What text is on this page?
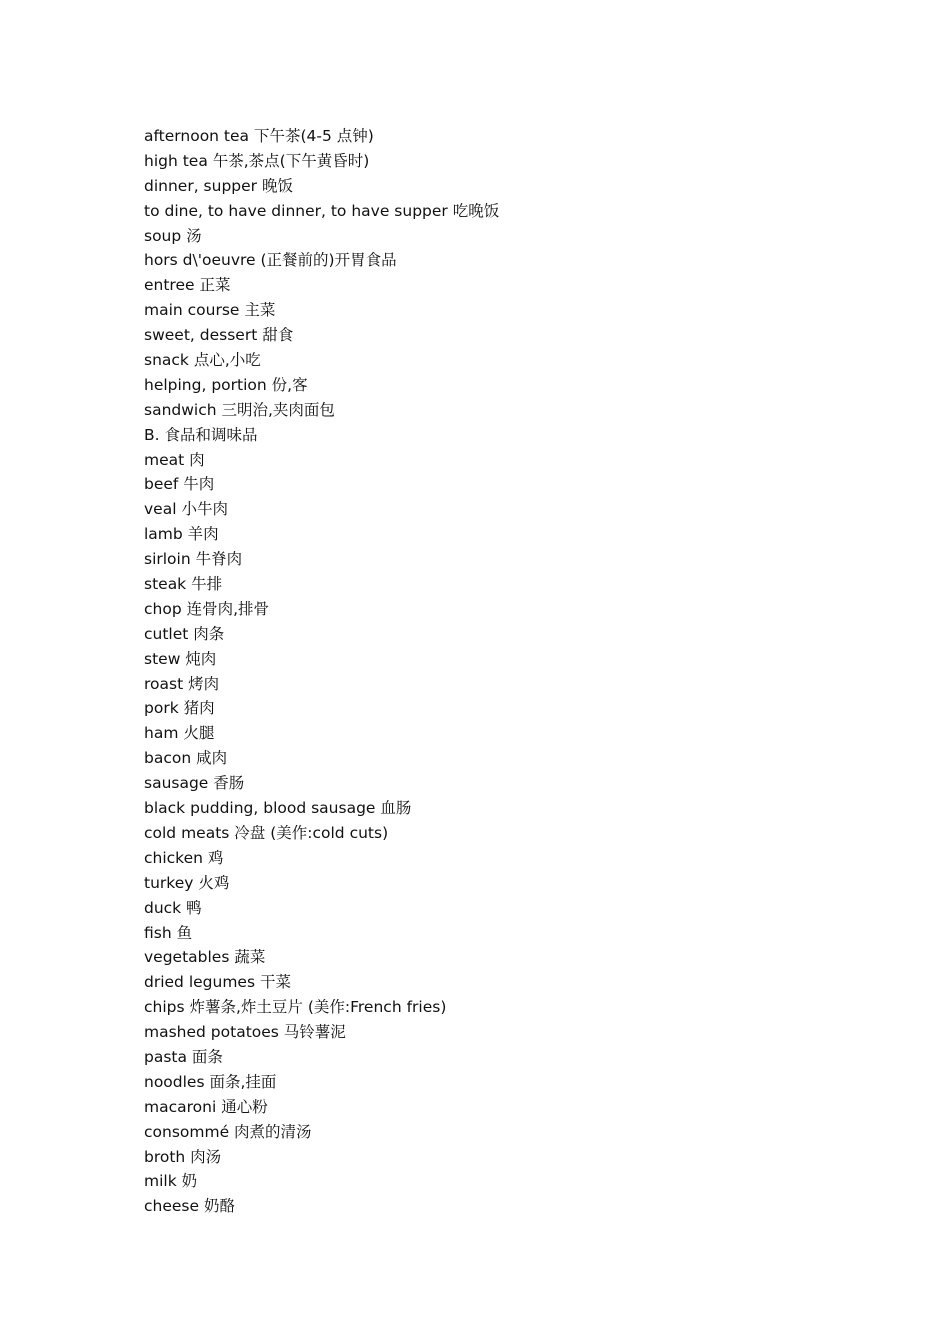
afternoon tea 下午茶(4-5 点钟)
high tea 午茶,茶点(下午黄昏时)
dinner, supper 晚饭
to dine, to have dinner, to have supper 吃晚饭
soup 汤
hors d\'oeuvre (正餐前的)开胃食品
entree 正菜
main course 主菜
sweet, dessert 甜食
snack 点心,小吃
helping, portion 份,客
sandwich 三明治,夹肉面包
B. 食品和调味品
meat 肉
beef 牛肉
veal 小牛肉
lamb 羊肉
sirloin 牛脊肉
steak 牛排
chop 连骨肉,排骨
cutlet 肉条
stew 炖肉
roast 烤肉
pork 猪肉
ham 火腿
bacon 咸肉
sausage 香肠
black pudding, blood sausage 血肠
cold meats 冷盘 (美作:cold cuts)
chicken 鸡
turkey 火鸡
duck 鸭
fish 鱼
vegetables 蔬菜
dried legumes 干菜
chips 炸薯条,炸土豆片 (美作:French fries)
mashed potatoes 马铃薯泥
pasta 面条
noodles 面条,挂面
macaroni 通心粉
consommé 肉煮的清汤
broth 肉汤
milk 奶
cheese 奶酪
